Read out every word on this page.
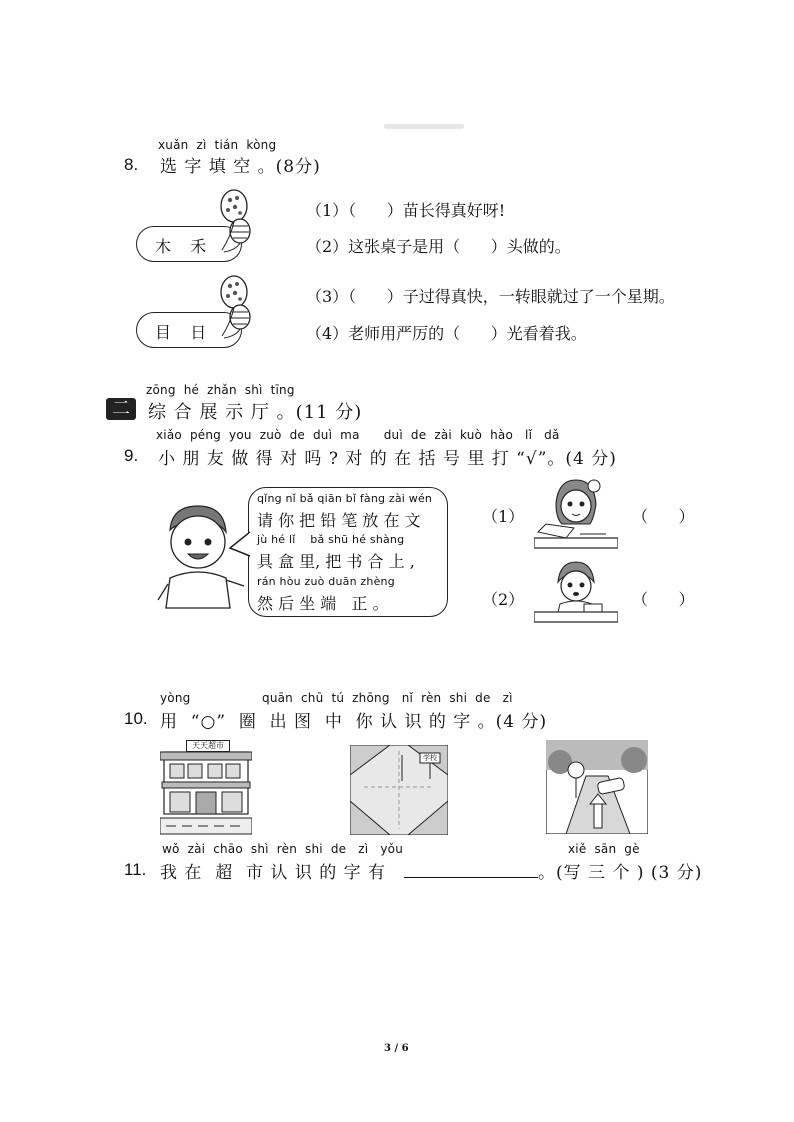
xuǎn  zì  tián  kòng
8. 选 字 填 空 。(8分)
木   禾
目   日
（1）（      ）苗长得真好呀!
（2）这张桌子是用（      ）头做的。
（3）（      ）子过得真快，一转眼就过了一个星期。
（4）老师用严厉的（      ）光看着我。
zōng  hé  zhǎn  shì  tīng
二	综 合 展 示 厅 。(11 分)
xiǎo  péng  you  zuò  de  duì  ma      duì  de  zài  kuò  hào   lǐ   dǎ
9. 小 朋 友 做 得 对 吗 ? 对 的 在 括 号 里 打 “√”。(4 分)
qǐng nǐ bǎ qiān bǐ fàng zài wén
请 你 把 铅 笔 放 在 文
jù hé lǐ    bǎ shū hé shàng
具 盒 里, 把 书 合 上 ,
rán hòu zuò duān zhèng
然 后 坐 端   正 。
（1）	（      ）
（2）	（      ）
yòng	quān  chū  tú  zhōng   nǐ  rèn  shi  de   zì
10. 用  “○”  圈  出 图  中  你 认 识 的 字 。(4 分)
天天超市
学校
wǒ  zài  chāo  shì  rèn  shi  de   zì   yǒu	xiě  sān  gè
11. 我 在  超  市 认 识 的 字 有	。(写 三 个 ) (3 分)
3 / 6
